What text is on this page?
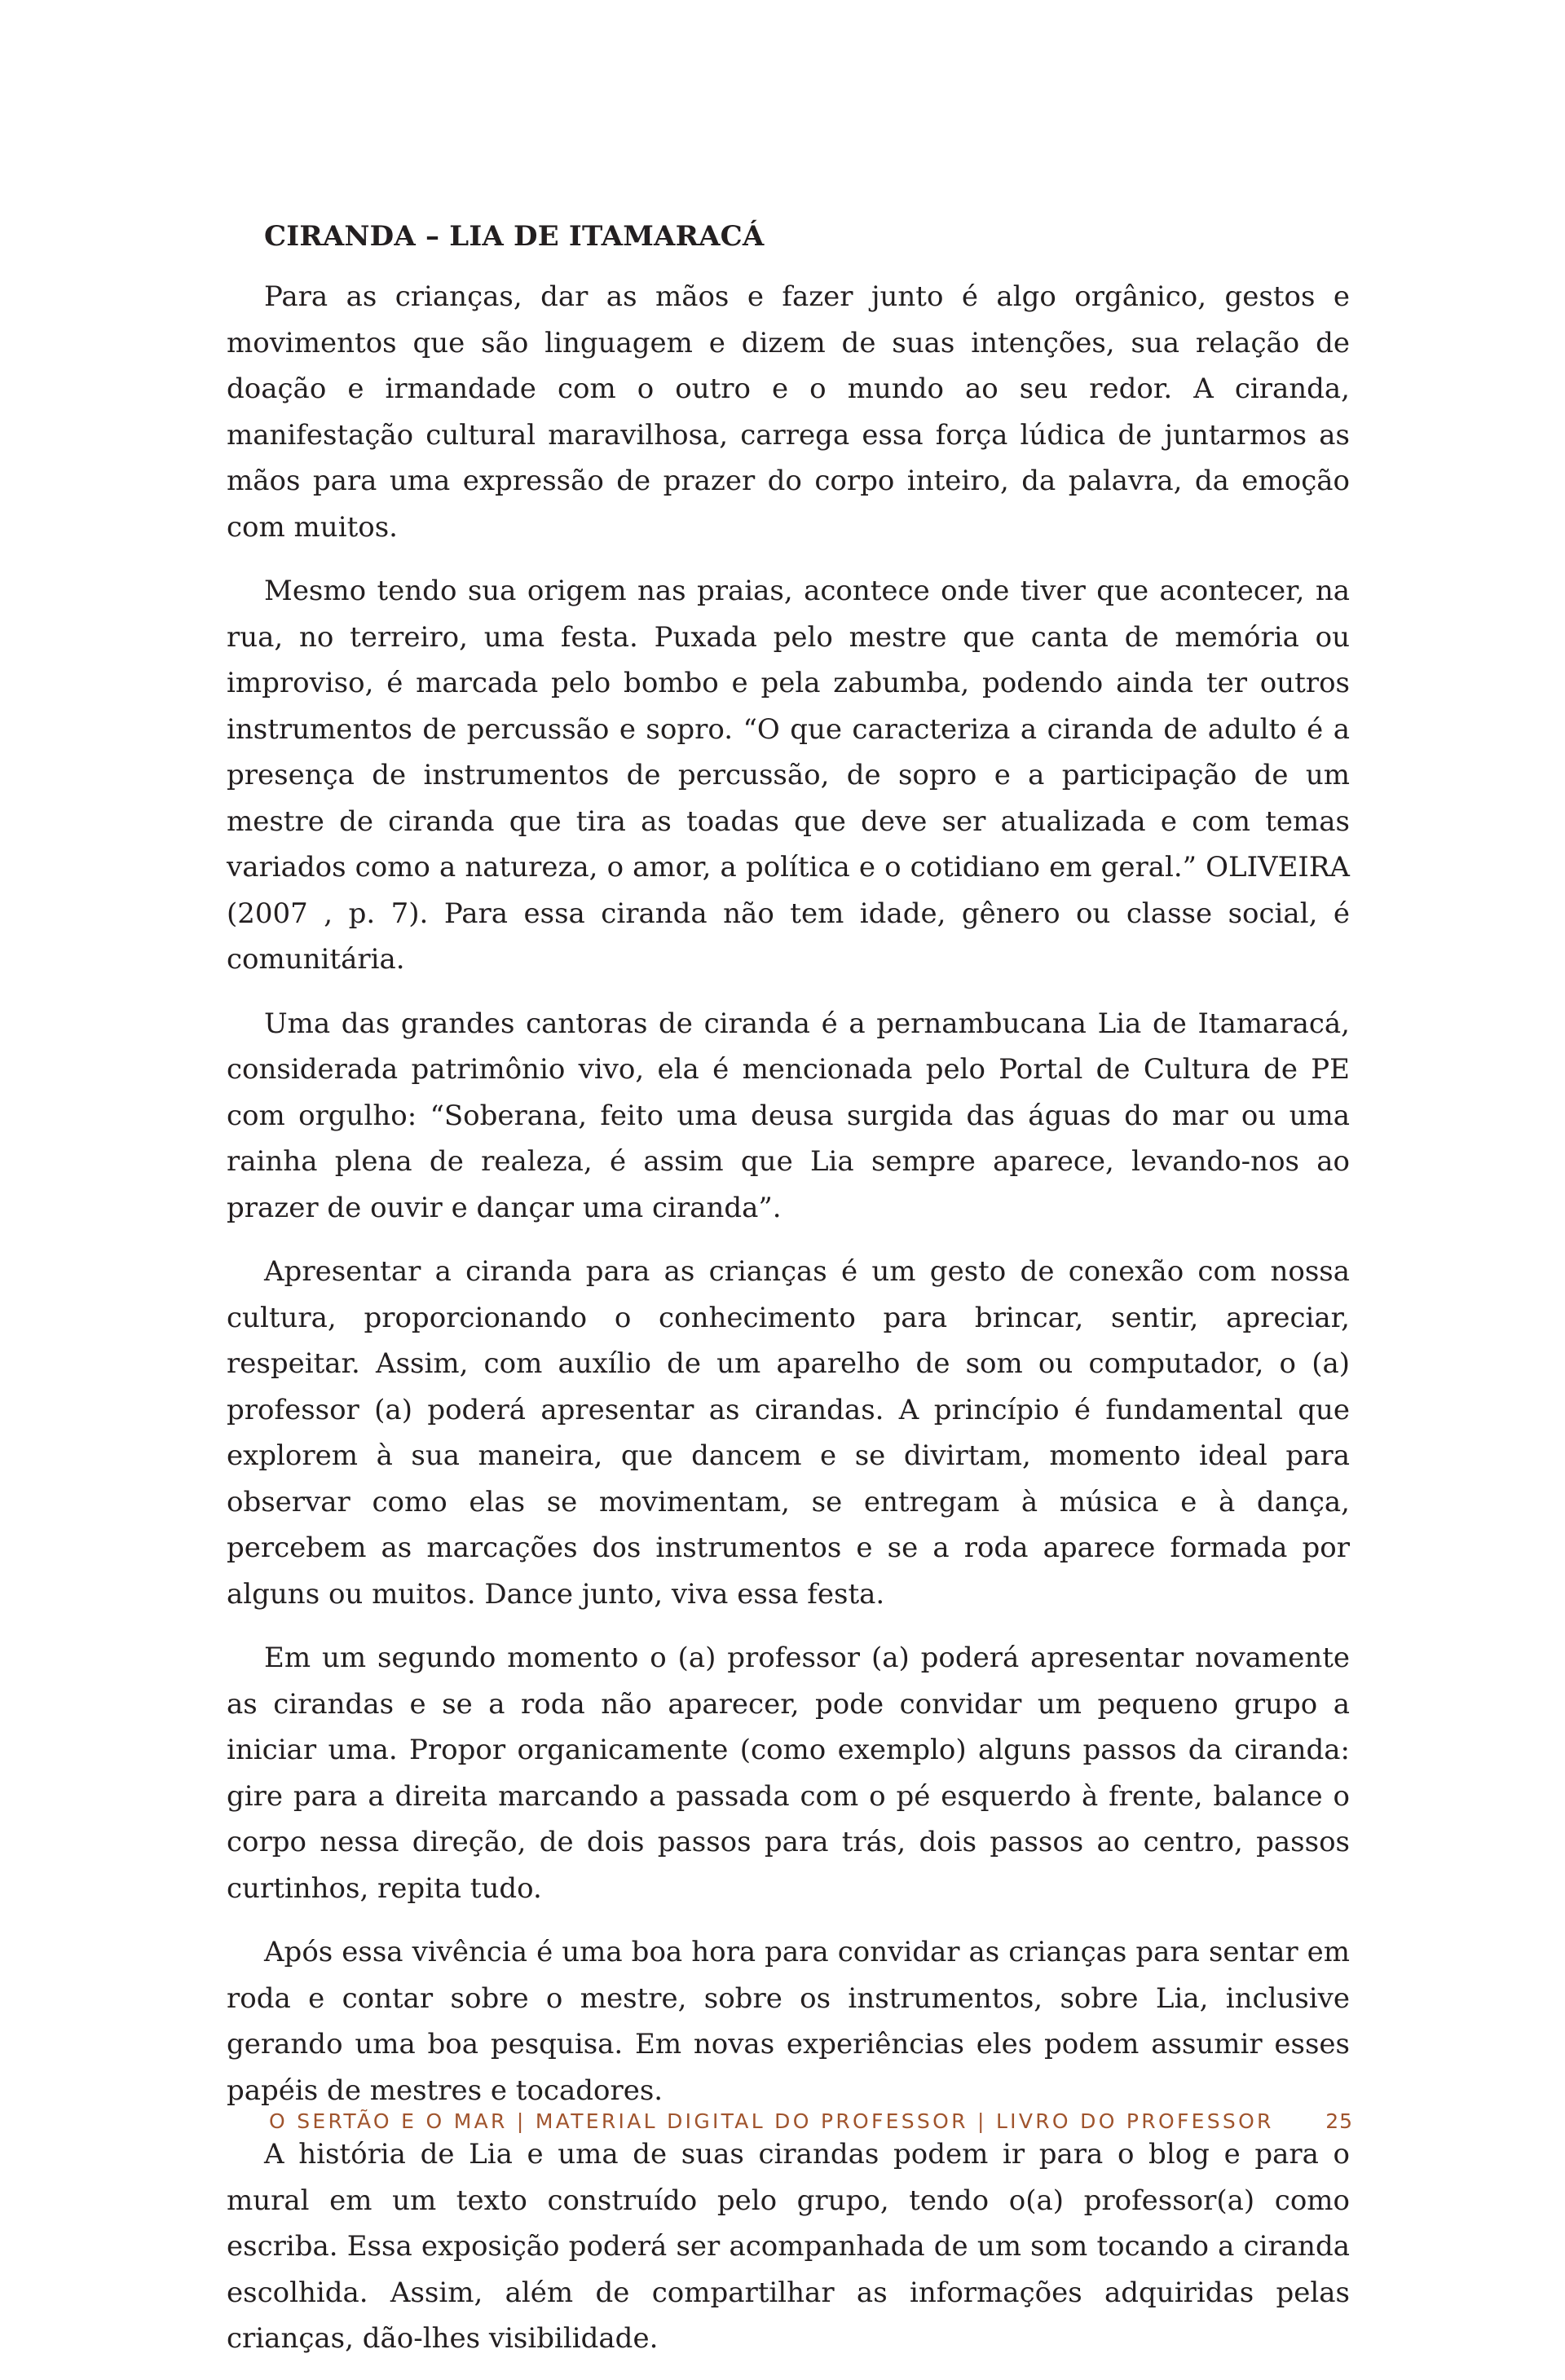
CIRANDA – LIA DE ITAMARACÁ

Para as crianças, dar as mãos e fazer junto é algo orgânico, gestos e movimentos que são linguagem e dizem de suas intenções, sua relação de doação e irmandade com o outro e o mundo ao seu redor. A ciranda, manifestação cultural maravilhosa, carrega essa força lúdica de juntarmos as mãos para uma expressão de prazer do corpo inteiro, da palavra, da emoção com muitos.

Mesmo tendo sua origem nas praias, acontece onde tiver que acontecer, na rua, no terreiro, uma festa. Puxada pelo mestre que canta de memória ou improviso, é marcada pelo bombo e pela zabumba, podendo ainda ter outros instrumentos de percussão e sopro. “O que caracteriza a ciranda de adulto é a presença de instrumentos de percussão, de sopro e a participação de um mestre de ciranda que tira as toadas que deve ser atualizada e com temas variados como a natureza, o amor, a política e o cotidiano em geral.” OLIVEIRA (2007 , p. 7). Para essa ciranda não tem idade, gênero ou classe social, é comunitária.

Uma das grandes cantoras de ciranda é a pernambucana Lia de Itamaracá, considerada patrimônio vivo, ela é mencionada pelo Portal de Cultura de PE com orgulho: “Soberana, feito uma deusa surgida das águas do mar ou uma rainha plena de realeza, é assim que Lia sempre aparece, levando-nos ao prazer de ouvir e dançar uma ciranda”.

Apresentar a ciranda para as crianças é um gesto de conexão com nossa cultura, proporcionando o conhecimento para brincar, sentir, apreciar, respeitar. Assim, com auxílio de um aparelho de som ou computador, o (a) professor (a) poderá apresentar as cirandas. A princípio é fundamental que explorem à sua maneira, que dancem e se divirtam, momento ideal para observar como elas se movimentam, se entregam à música e à dança, percebem as marcações dos instrumentos e se a roda aparece formada por alguns ou muitos. Dance junto, viva essa festa.

Em um segundo momento o (a) professor (a) poderá apresentar novamente as cirandas e se a roda não aparecer, pode convidar um pequeno grupo a iniciar uma. Propor organicamente (como exemplo) alguns passos da ciranda: gire para a direita marcando a passada com o pé esquerdo à frente, balance o corpo nessa direção, de dois passos para trás, dois passos ao centro, passos curtinhos, repita tudo.

Após essa vivência é uma boa hora para convidar as crianças para sentar em roda e contar sobre o mestre, sobre os instrumentos, sobre Lia, inclusive gerando uma boa pesquisa. Em novas experiências eles podem assumir esses papéis de mestres e tocadores.

A história de Lia e uma de suas cirandas podem ir para o blog e para o mural em um texto construído pelo grupo, tendo o(a) professor(a) como escriba. Essa exposição poderá ser acompanhada de um som tocando a ciranda escolhida. Assim, além de compartilhar as informações adquiridas pelas crianças, dão-lhes visibilidade.

O SERTÃO E O MAR | MATERIAL DIGITAL DO PROFESSOR | LIVRO DO PROFESSOR	25
